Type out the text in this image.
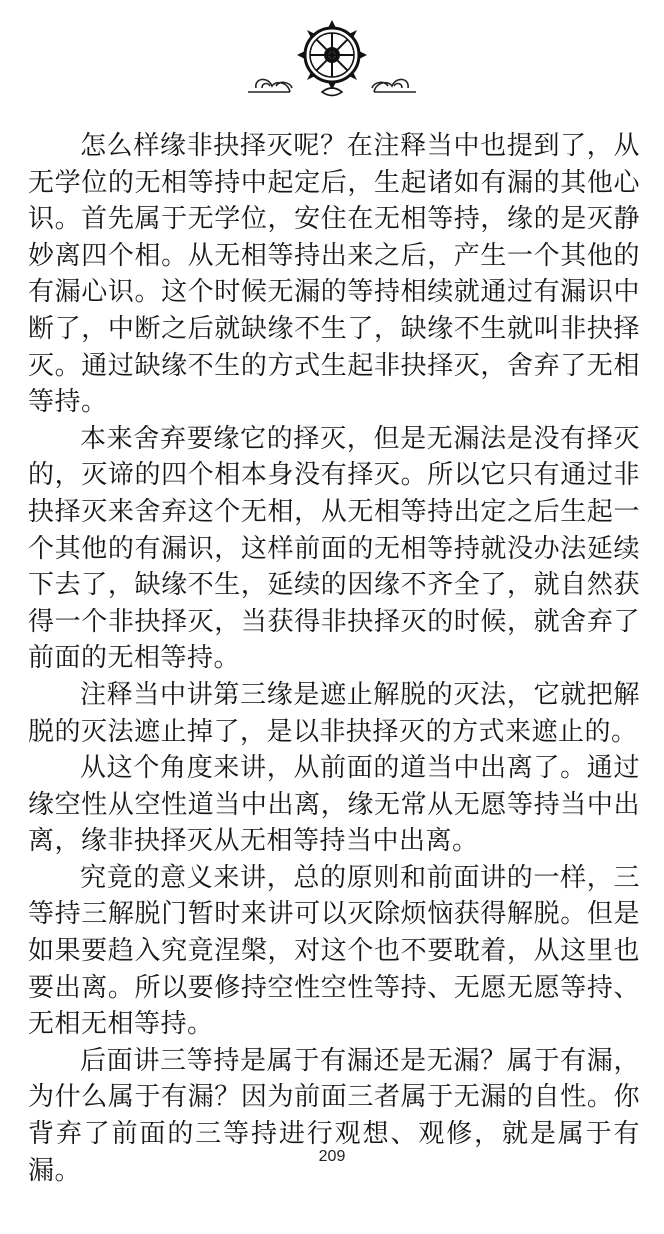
怎么样缘非抉择灭呢？在注释当中也提到了，从无学位的无相等持中起定后，生起诸如有漏的其他心识。首先属于无学位，安住在无相等持，缘的是灭静妙离四个相。从无相等持出来之后，产生一个其他的有漏心识。这个时候无漏的等持相续就通过有漏识中断了，中断之后就缺缘不生了，缺缘不生就叫非抉择灭。通过缺缘不生的方式生起非抉择灭，舍弃了无相等持。

本来舍弃要缘它的择灭，但是无漏法是没有择灭的，灭谛的四个相本身没有择灭。所以它只有通过非抉择灭来舍弃这个无相，从无相等持出定之后生起一个其他的有漏识，这样前面的无相等持就没办法延续下去了，缺缘不生，延续的因缘不齐全了，就自然获得一个非抉择灭，当获得非抉择灭的时候，就舍弃了前面的无相等持。

注释当中讲第三缘是遮止解脱的灭法，它就把解脱的灭法遮止掉了，是以非抉择灭的方式来遮止的。

从这个角度来讲，从前面的道当中出离了。通过缘空性从空性道当中出离，缘无常从无愿等持当中出离，缘非抉择灭从无相等持当中出离。

究竟的意义来讲，总的原则和前面讲的一样，三等持三解脱门暂时来讲可以灭除烦恼获得解脱。但是如果要趋入究竟涅槃，对这个也不要耽着，从这里也要出离。所以要修持空性空性等持、无愿无愿等持、无相无相等持。

后面讲三等持是属于有漏还是无漏？属于有漏，为什么属于有漏？因为前面三者属于无漏的自性。你背弃了前面的三等持进行观想、观修，就是属于有漏。	209
